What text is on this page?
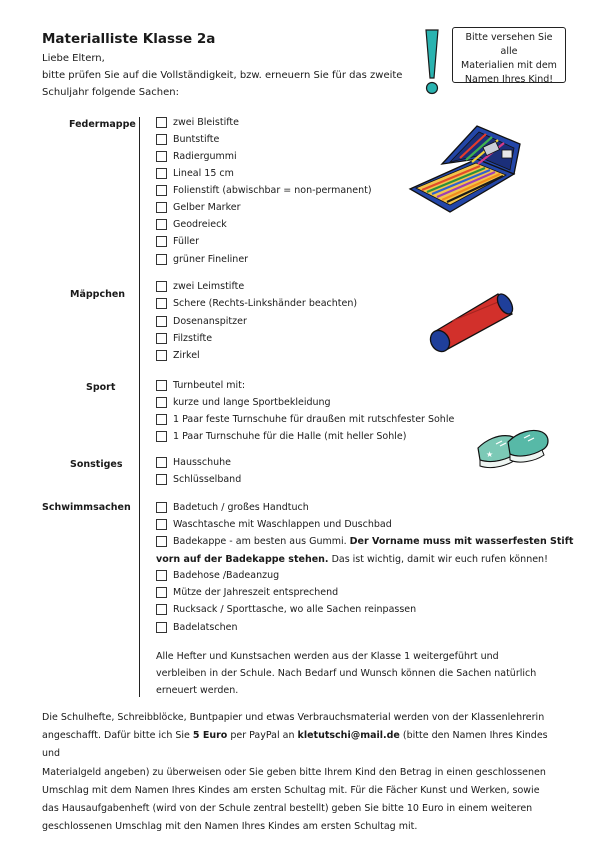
Materialliste Klasse 2a
Liebe Eltern,
bitte prüfen Sie auf die Vollständigkeit, bzw. erneuern Sie für das zweite
Schuljahr folgende Sachen:
Bitte versehen Sie alle
Materialien mit dem
Namen Ihres Kind!
Federmappe
Mäppchen
Sport
Sonstiges
Schwimmsachen
zwei Bleistifte
Buntstifte
Radiergummi
Lineal 15 cm
Folienstift (abwischbar = non-permanent)
Gelber Marker
Geodreieck
Füller
grüner Fineliner
zwei Leimstifte
Schere (Rechts-Linkshänder beachten)
Dosenanspitzer
Filzstifte
Zirkel
Turnbeutel mit:
kurze und lange Sportbekleidung
1 Paar feste Turnschuhe für draußen mit rutschfester Sohle
1 Paar Turnschuhe für die Halle (mit heller Sohle)
★
Hausschuhe
Schlüsselband
Badetuch / großes Handtuch
Waschtasche mit Waschlappen und Duschbad
Badekappe - am besten aus Gummi.
Der Vorname muss mit wasserfesten Stift
vorn auf der Badekappe stehen. Das ist wichtig, damit wir euch rufen können!
Badehose /Badeanzug
Mütze der Jahreszeit entsprechend
Rucksack / Sporttasche, wo alle Sachen reinpassen
Badelatschen
Alle Hefter und Kunstsachen werden aus der Klasse 1 weitergeführt und
verbleiben in der Schule. Nach Bedarf und Wunsch können die Sachen natürlich
erneuert werden.
Die Schulhefte, Schreibblöcke, Buntpapier und etwas Verbrauchsmaterial werden von der Klassenlehrerin
angeschafft. Dafür bitte ich Sie 5 Euro per PayPal an kletutschi@mail.de (bitte den Namen Ihres Kindes und
Materialgeld angeben) zu überweisen oder Sie geben bitte Ihrem Kind den Betrag in einen geschlossenen
Umschlag mit dem Namen Ihres Kindes am ersten Schultag mit. Für die Fächer Kunst und Werken, sowie
das Hausaufgabenheft (wird von der Schule zentral bestellt) geben Sie bitte 10 Euro in einem weiteren
geschlossenen Umschlag mit den Namen Ihres Kindes am ersten Schultag mit.
